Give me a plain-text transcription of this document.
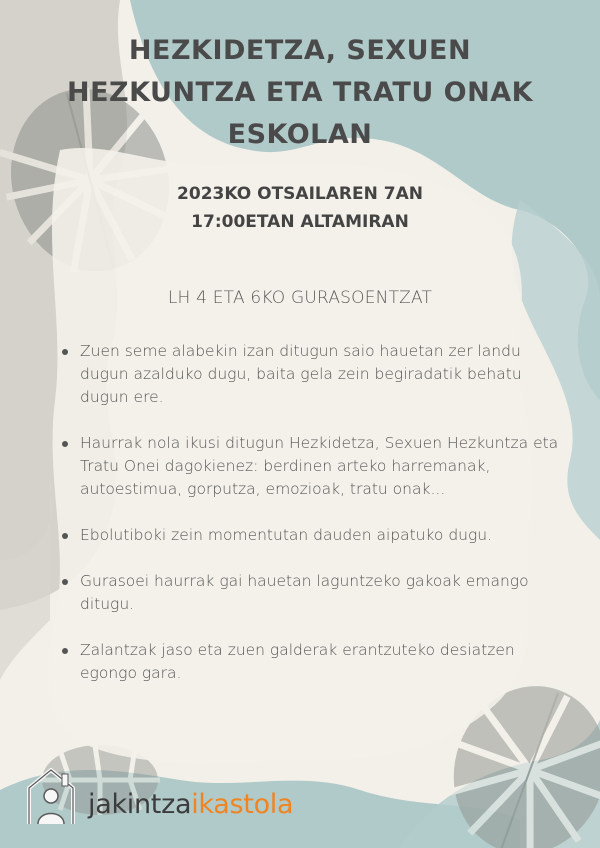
HEZKIDETZA, SEXUEN
HEZKUNTZA ETA TRATU ONAK
ESKOLAN
2023KO OTSAILAREN 7AN
17:00ETAN ALTAMIRAN
LH 4 ETA 6KO GURASOENTZAT
Zuen seme alabekin izan ditugun saio hauetan zer landu dugun azalduko dugu, baita gela zein begiradatik behatu dugun ere.
Haurrak nola ikusi ditugun Hezkidetza, Sexuen Hezkuntza eta Tratu Onei dagokienez: berdinen arteko harremanak, autoestimua, gorputza, emozioak, tratu onak...
Ebolutiboki zein momentutan dauden aipatuko dugu.
Gurasoei haurrak gai hauetan laguntzeko gakoak emango ditugu.
Zalantzak jaso eta zuen galderak erantzuteko desiatzen egongo gara.
jakintzaikastola
